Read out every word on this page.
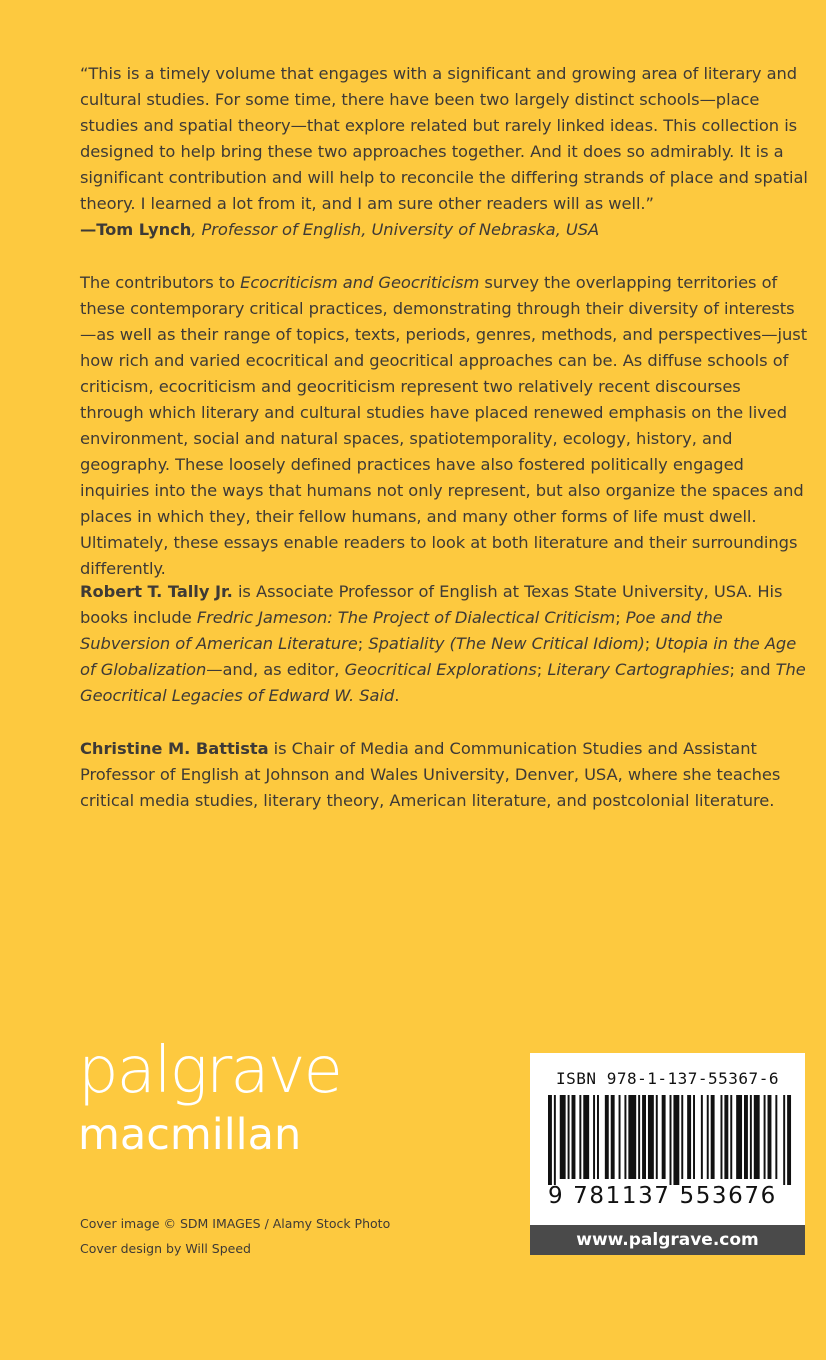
“This is a timely volume that engages with a significant and growing area of literary and cultural studies. For some time, there have been two largely distinct schools—place studies and spatial theory—that explore related but rarely linked ideas. This collection is designed to help bring these two approaches together. And it does so admirably. It is a significant contribution and will help to reconcile the differing strands of place and spatial theory. I learned a lot from it, and I am sure other readers will as well.”
—Tom Lynch, Professor of English, University of Nebraska, USA
The contributors to Ecocriticism and Geocriticism survey the overlapping territories of these contemporary critical practices, demonstrating through their diversity of interests—as well as their range of topics, texts, periods, genres, methods, and perspectives—just how rich and varied ecocritical and geocritical approaches can be. As diffuse schools of criticism, ecocriticism and geocriticism represent two relatively recent discourses through which literary and cultural studies have placed renewed emphasis on the lived environment, social and natural spaces, spatiotemporality, ecology, history, and geography. These loosely defined practices have also fostered politically engaged inquiries into the ways that humans not only represent, but also organize the spaces and places in which they, their fellow humans, and many other forms of life must dwell. Ultimately, these essays enable readers to look at both literature and their surroundings differently.
Robert T. Tally Jr. is Associate Professor of English at Texas State University, USA. His books include Fredric Jameson: The Project of Dialectical Criticism; Poe and the Subversion of American Literature; Spatiality (The New Critical Idiom); Utopia in the Age of Globalization—and, as editor, Geocritical Explorations; Literary Cartographies; and The Geocritical Legacies of Edward W. Said.
Christine M. Battista is Chair of Media and Communication Studies and Assistant Professor of English at Johnson and Wales University, Denver, USA, where she teaches critical media studies, literary theory, American literature, and postcolonial literature.
palgrave
macmillan
Cover image © SDM IMAGES / Alamy Stock Photo
Cover design by Will Speed
ISBN 978-1-137-55367-6
9 781137 553676
www.palgrave.com
